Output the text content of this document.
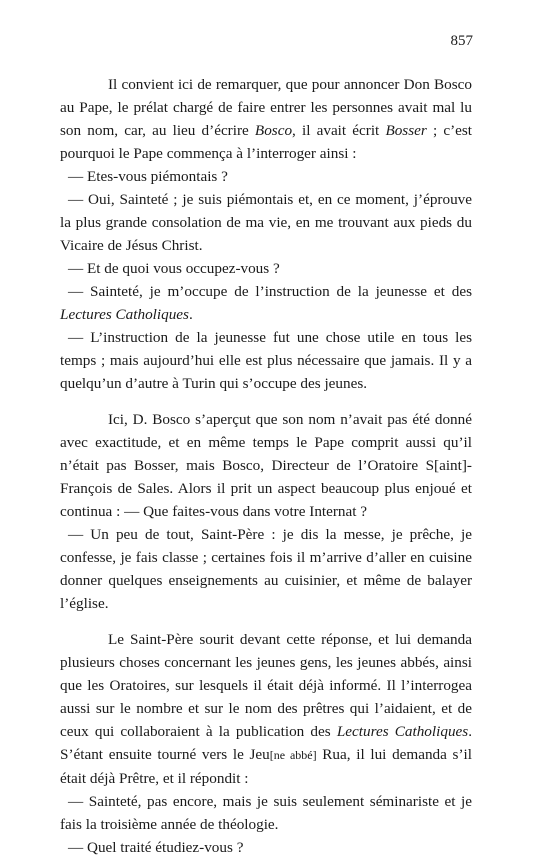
857

Il convient ici de remarquer, que pour annoncer Don Bosco au Pape, le prélat chargé de faire entrer les personnes avait mal lu son nom, car, au lieu d’écrire Bosco, il avait écrit Bosser ; c’est pourquoi le Pape commença à l’interroger ainsi :

— Etes-vous piémontais ?

— Oui, Sainteté ; je suis piémontais et, en ce moment, j’éprouve la plus grande consolation de ma vie, en me trouvant aux pieds du Vicaire de Jésus Christ.

— Et de quoi vous occupez-vous ?

— Sainteté, je m’occupe de l’instruction de la jeunesse et des Lectures Catholiques.

— L’instruction de la jeunesse fut une chose utile en tous les temps ; mais aujourd’hui elle est plus nécessaire que jamais. Il y a quelqu’un d’autre à Turin qui s’occupe des jeunes.

Ici, D. Bosco s’aperçut que son nom n’avait pas été donné avec exactitude, et en même temps le Pape comprit aussi qu’il n’était pas Bosser, mais Bosco, Directeur de l’Oratoire S[aint]-François de Sales. Alors il prit un aspect beaucoup plus enjoué et continua : — Que faites-vous dans votre Internat ?

— Un peu de tout, Saint-Père : je dis la messe, je prêche, je confesse, je fais classe ; certaines fois il m’arrive d’aller en cuisine donner quelques enseignements au cuisinier, et même de balayer l’église.

Le Saint-Père sourit devant cette réponse, et lui demanda plusieurs choses concernant les jeunes gens, les jeunes abbés, ainsi que les Oratoires, sur lesquels il était déjà informé. Il l’interrogea aussi sur le nombre et sur le nom des prêtres qui l’aidaient, et de ceux qui collaboraient à la publication des Lectures Catholiques. S’étant ensuite tourné vers le Jeu[ne abbé] Rua, il lui demanda s’il était déjà Prêtre, et il répondit :

— Sainteté, pas encore, mais je suis seulement séminariste et je fais la troisième année de théologie.

— Quel traité étudiez-vous ?
